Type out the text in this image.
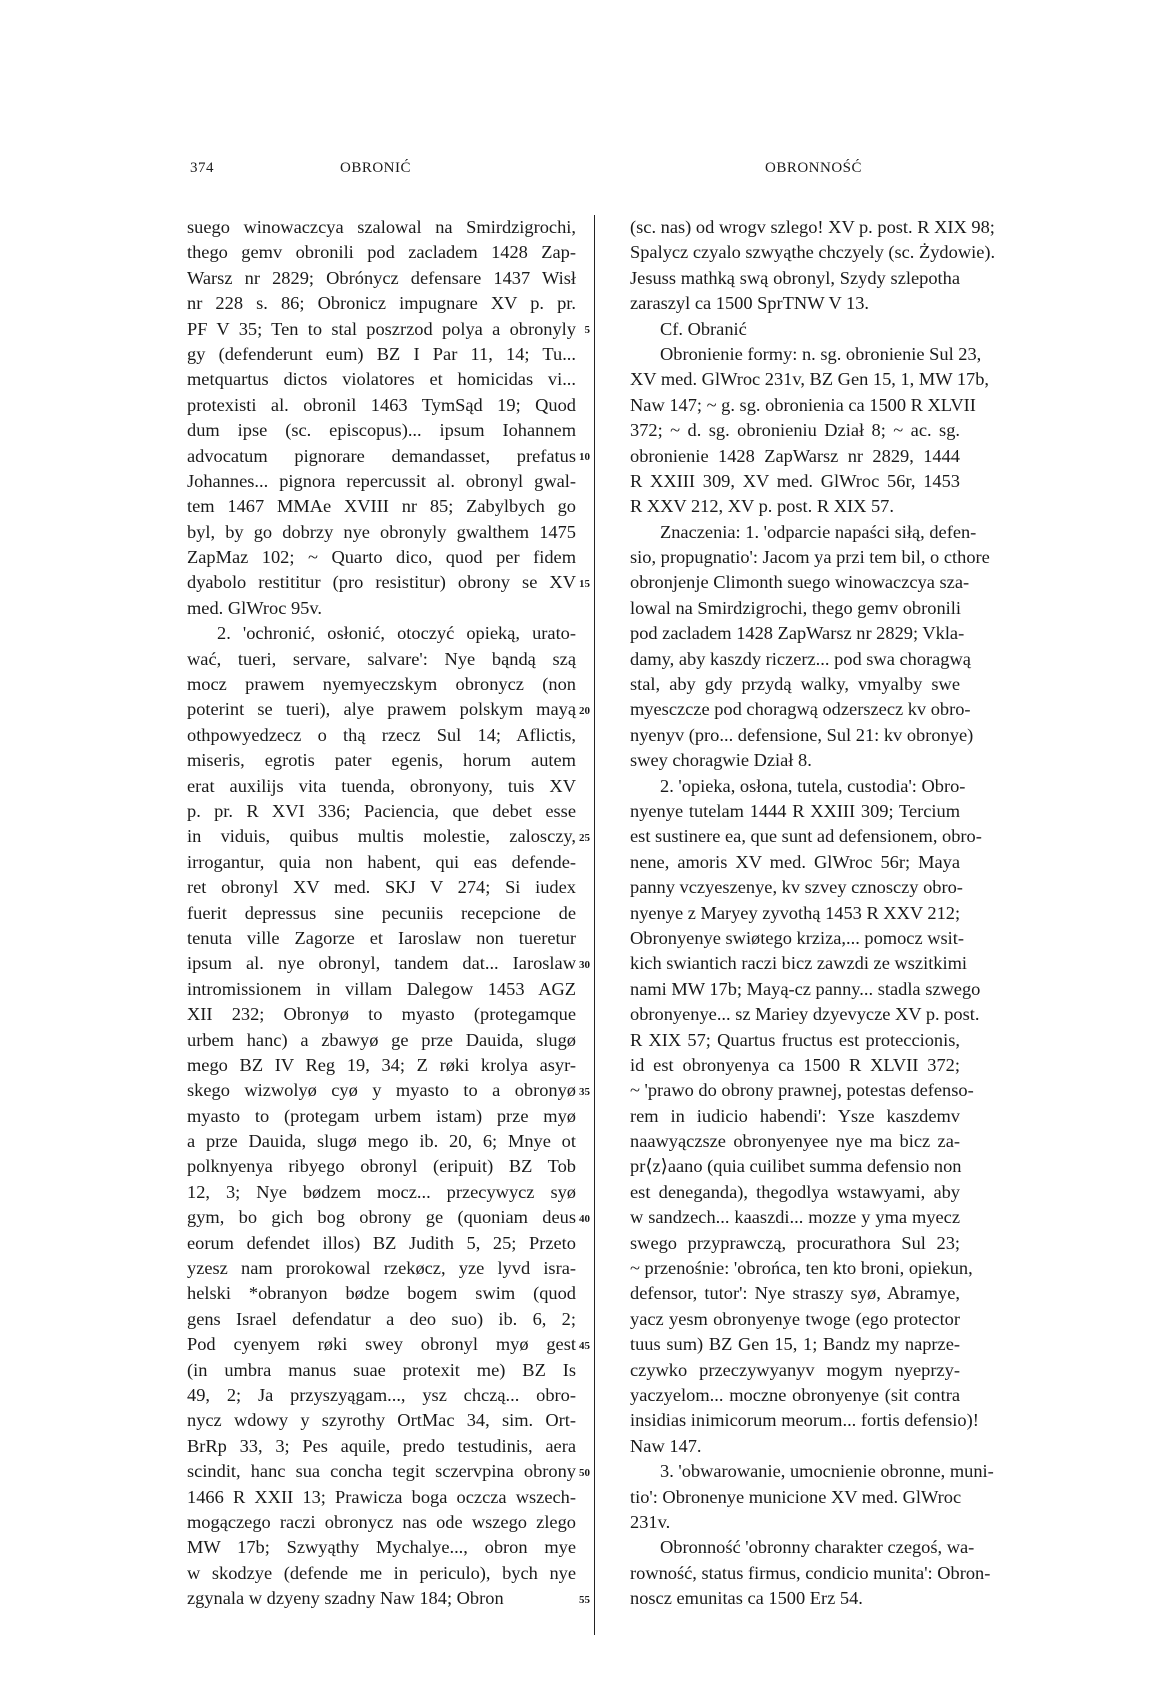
374	OBRONIĆ	OBRONNOŚĆ
suego winowaczcya szalowal na Smirdzigrochi,
thego gemv obronili pod zacladem 1428 Zap-
Warsz nr 2829; Obrónycz defensare 1437 Wisł
nr 228 s. 86; Obronicz impugnare XV p. pr.
PF V 35; Ten to stal poszrzod polya a obronyly
gy (defenderunt eum) BZ I Par 11, 14; Tu...
metquartus dictos violatores et homicidas vi...
protexisti al. obronil 1463 TymSąd 19; Quod
dum ipse (sc. episcopus)... ipsum Iohannem
advocatum pignorare demandasset, prefatus
Johannes... pignora repercussit al. obronyl gwal-
tem 1467 MMAe XVIII nr 85; Zabylbych go
byl, by go dobrzy nye obronyly gwalthem 1475
ZapMaz 102; ~ Quarto dico, quod per fidem
dyabolo restititur (pro resistitur) obrony se XV
med. GlWroc 95v.
2. 'ochronić, osłonić, otoczyć opieką, urato-
wać, tueri, servare, salvare': Nye bąndą szą
mocz prawem nyemyeczskym obronycz (non
poterint se tueri), alye prawem polskym mayą
othpowyedzecz o thą rzecz Sul 14; Aflictis,
miseris, egrotis pater egenis, horum autem
erat auxilijs vita tuenda, obronyony, tuis XV
p. pr. R XVI 336; Paciencia, que debet esse
in viduis, quibus multis molestie, zalosczy,
irrogantur, quia non habent, qui eas defende-
ret obronyl XV med. SKJ V 274; Si iudex
fuerit depressus sine pecuniis recepcione de
tenuta ville Zagorze et Iaroslaw non tueretur
ipsum al. nye obronyl, tandem dat... Iaroslaw
intromissionem in villam Dalegow 1453 AGZ
XII 232; Obronyø to myasto (protegamque
urbem hanc) a zbawyø ge prze Dauida, slugø
mego BZ IV Reg 19, 34; Z røki krolya asyr-
skego wizwolyø cyø y myasto to a obronyø
myasto to (protegam urbem istam) prze myø
a prze Dauida, slugø mego ib. 20, 6; Mnye ot
polknyenya ribyego obronyl (eripuit) BZ Tob
12, 3; Nye bødzem mocz... przecywycz syø
gym, bo gich bog obrony ge (quoniam deus
eorum defendet illos) BZ Judith 5, 25; Przeto
yzesz nam prorokowal rzekøcz, yze lyvd isra-
helski *obranyon bødze bogem swim (quod
gens Israel defendatur a deo suo) ib. 6, 2;
Pod cyenyem røki swey obronyl myø gest
(in umbra manus suae protexit me) BZ Is
49, 2; Ja przyszyągam..., ysz chczą... obro-
nycz wdowy y szyrothy OrtMac 34, sim. Ort-
BrRp 33, 3; Pes aquile, predo testudinis, aera
scindit, hanc sua concha tegit sczervpina obrony
1466 R XXII 13; Prawicza boga oczcza wszech-
mogączego raczi obronycz nas ode wszego zlego
MW 17b; Szwyąthy Mychalye..., obron mye
w skodzye (defende me in periculo), bych nye
zgynala w dzyeny szadny Naw 184; Obron
5
10
15
20
25
30
35
40
45
50
55
(sc. nas) od wrogv szlego! XV p. post. R XIX 98;
Spalycz czyalo szwyąthe chczyely (sc. Żydowie).
Jesuss mathką swą obronyl, Szydy szlepotha
zaraszyl ca 1500 SprTNW V 13.
Cf. Obranić
Obronienie formy: n. sg. obronienie Sul 23,
XV med. GlWroc 231v, BZ Gen 15, 1, MW 17b,
Naw 147; ~ g. sg. obronienia ca 1500 R XLVII
372; ~ d. sg. obronieniu Dział 8; ~ ac. sg.
obronienie 1428 ZapWarsz nr 2829, 1444
R XXIII 309, XV med. GlWroc 56r, 1453
R XXV 212, XV p. post. R XIX 57.
Znaczenia: 1. 'odparcie napaści siłą, defen-
sio, propugnatio': Jacom ya przi tem bil, o cthore
obronjenje Climonth suego winowaczcya sza-
lowal na Smirdzigrochi, thego gemv obronili
pod zacladem 1428 ZapWarsz nr 2829; Vkla-
damy, aby kaszdy riczerz... pod swa choragwą
stal, aby gdy przydą walky, vmyalby swe
myesczcze pod choragwą odzerszecz kv obro-
nyenyv (pro... defensione, Sul 21: kv obronye)
swey choragwie Dział 8.
2. 'opieka, osłona, tutela, custodia': Obro-
nyenye tutelam 1444 R XXIII 309; Tercium
est sustinere ea, que sunt ad defensionem, obro-
nene, amoris XV med. GlWroc 56r; Maya
panny vczyeszenye, kv szvey cznosczy obro-
nyenye z Maryey zyvothą 1453 R XXV 212;
Obronyenye swiøtego krziza,... pomocz wsit-
kich swiantich raczi bicz zawzdi ze wszitkimi
nami MW 17b; Mayą-cz panny... stadla szwego
obronyenye... sz Mariey dzyevycze XV p. post.
R XIX 57; Quartus fructus est proteccionis,
id est obronyenya ca 1500 R XLVII 372;
~ 'prawo do obrony prawnej, potestas defenso-
rem in iudicio habendi': Ysze kaszdemv
naawyączsze obronyenyee nye ma bicz za-
pr⟨z⟩aano (quia cuilibet summa defensio non
est deneganda), thegodlya wstawyami, aby
w sandzech... kaaszdi... mozze y yma myecz
swego przyprawczą, procurathora Sul 23;
~ przenośnie: 'obrońca, ten kto broni, opiekun,
defensor, tutor': Nye straszy syø, Abramye,
yacz yesm obronyenye twoge (ego protector
tuus sum) BZ Gen 15, 1; Bandz my naprze-
czywko przeczywyanyv mogym nyeprzy-
yaczyelom... moczne obronyenye (sit contra
insidias inimicorum meorum... fortis defensio)!
Naw 147.
3. 'obwarowanie, umocnienie obronne, muni-
tio': Obronenye municione XV med. GlWroc
231v.
Obronność 'obronny charakter czegoś, wa-
rowność, status firmus, condicio munita': Obron-
noscz emunitas ca 1500 Erz 54.
